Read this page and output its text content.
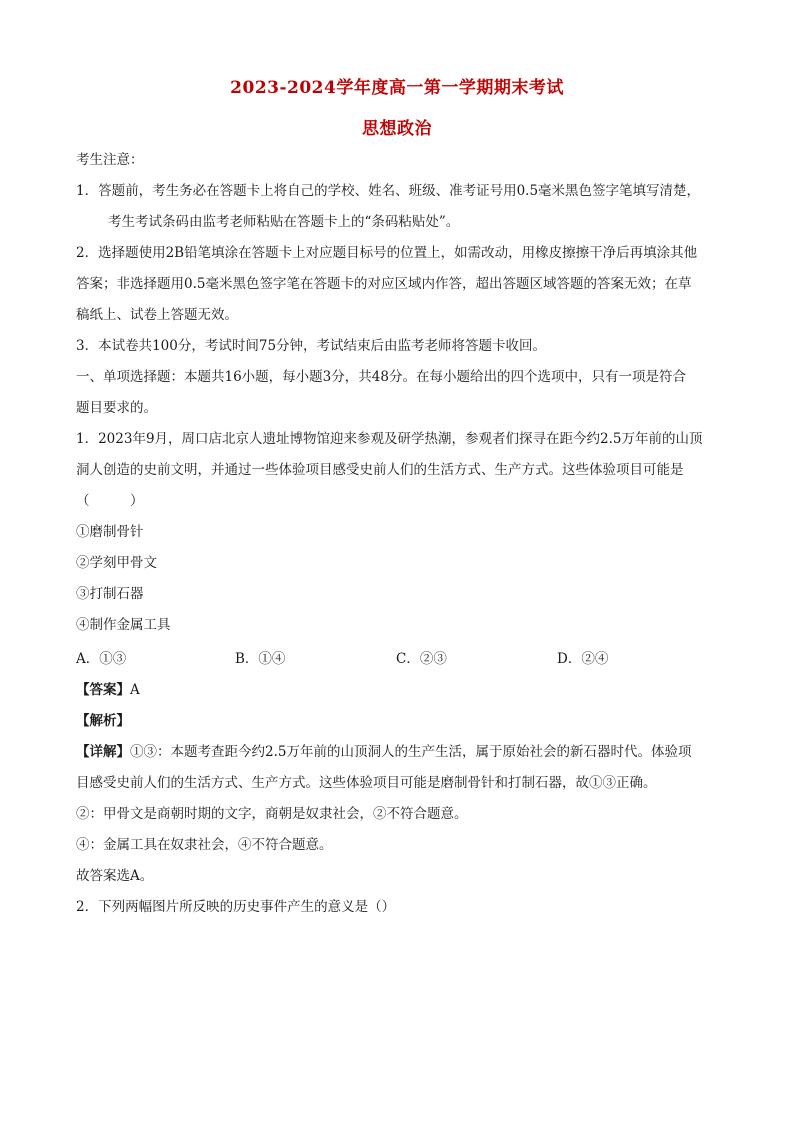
2023-2024学年度高一第一学期期末考试
思想政治
考生注意：
1．答题前，考生务必在答题卡上将自己的学校、姓名、班级、准考证号用0.5毫米黑色签字笔填写清楚，
考生考试条码由监考老师粘贴在答题卡上的“条码粘贴处”。
2．选择题使用2B铅笔填涂在答题卡上对应题目标号的位置上，如需改动，用橡皮擦擦干净后再填涂其他
答案；非选择题用0.5毫米黑色签字笔在答题卡的对应区域内作答，超出答题区域答题的答案无效；在草
稿纸上、试卷上答题无效。
3．本试卷共100分，考试时间75分钟，考试结束后由监考老师将答题卡收回。
一、单项选择题：本题共16小题，每小题3分，共48分。在每小题给出的四个选项中，只有一项是符合
题目要求的。
1．2023年9月，周口店北京人遗址博物馆迎来参观及研学热潮，参观者们探寻在距今约2.5万年前的山顶
洞人创造的史前文明，并通过一些体验项目感受史前人们的生活方式、生产方式。这些体验项目可能是
（　　　）
①磨制骨针
②学刻甲骨文
③打制石器
④制作金属工具
A．①③	B．①④	C．②③	D．②④
【答案】A
【解析】
【详解】①③：本题考查距今约2.5万年前的山顶洞人的生产生活，属于原始社会的新石器时代。体验项
目感受史前人们的生活方式、生产方式。这些体验项目可能是磨制骨针和打制石器，故①③正确。
②：甲骨文是商朝时期的文字，商朝是奴隶社会，②不符合题意。
④：金属工具在奴隶社会，④不符合题意。
故答案选A。
2．下列两幅图片所反映的历史事件产生的意义是（）
